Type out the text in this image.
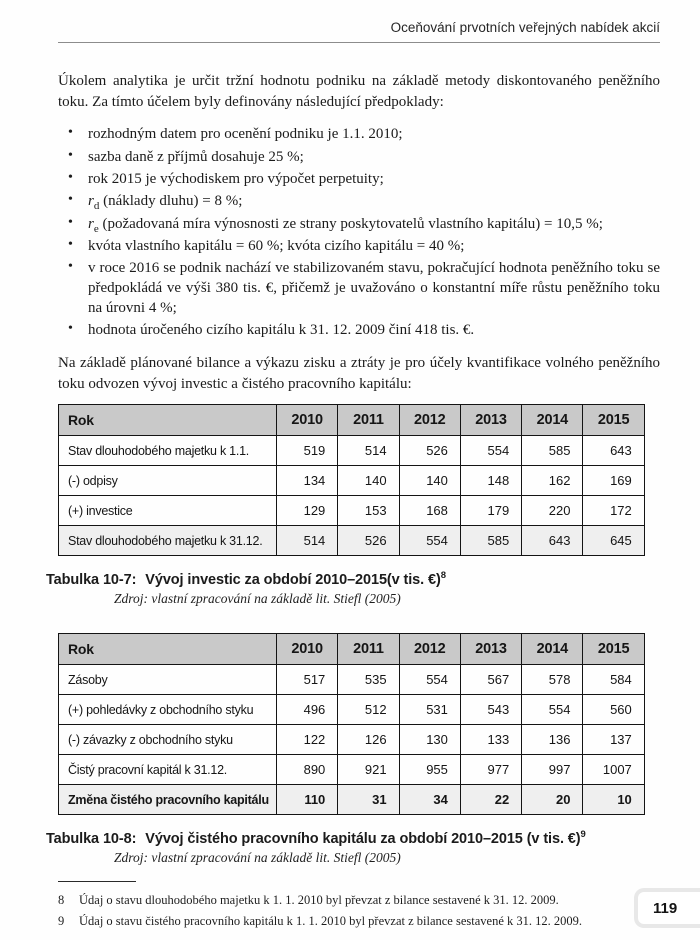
Oceňování prvotních veřejných nabídek akcií

Úkolem analytika je určit tržní hodnotu podniku na základě metody diskontovaného peněžního toku. Za tímto účelem byly definovány následující předpoklady:

• rozhodným datem pro ocenění podniku je 1.1. 2010;
• sazba daně z příjmů dosahuje 25 %;
• rok 2015 je východiskem pro výpočet perpetuity;
• $r_d$ (náklady dluhu) = 8 %;
• $r_e$ (požadovaná míra výnosnosti ze strany poskytovatelů vlastního kapitálu) = 10,5 %;
• kvóta vlastního kapitálu = 60 %; kvóta cizího kapitálu = 40 %;
• v roce 2016 se podnik nachází ve stabilizovaném stavu, pokračující hodnota peněžního toku se předpokládá ve výši 380 tis. €, přičemž je uvažováno o konstantní míře růstu peněžního toku na úrovni 4 %;
• hodnota úročeného cizího kapitálu k 31. 12. 2009 činí 418 tis. €.

Na základě plánované bilance a výkazu zisku a ztráty je pro účely kvantifikace volného peněžního toku odvozen vývoj investic a čistého pracovního kapitálu:

Rok	2010	2011	2012	2013	2014	2015
Stav dlouhodobého majetku k 1.1.	519	514	526	554	585	643
(-) odpisy	134	140	140	148	162	169
(+) investice	129	153	168	179	220	172
Stav dlouhodobého majetku k 31.12.	514	526	554	585	643	645

Tabulka 10-7: Vývoj investic za období 2010–2015(v tis. €)$^8$

Zdroj: vlastní zpracování na základě lit. Stiefl (2005)

Rok	2010	2011	2012	2013	2014	2015
Zásoby	517	535	554	567	578	584
(+) pohledávky z obchodního styku	496	512	531	543	554	560
(-) závazky z obchodního styku	122	126	130	133	136	137
Čistý pracovní kapitál k 31.12.	890	921	955	977	997	1007
Změna čistého pracovního kapitálu	110	31	34	22	20	10

Tabulka 10-8: Vývoj čistého pracovního kapitálu za období 2010–2015 (v tis. €)$^9$

Zdroj: vlastní zpracování na základě lit. Stiefl (2005)

8	Údaj o stavu dlouhodobého majetku k 1. 1. 2010 byl převzat z bilance sestavené k 31. 12. 2009.
9	Údaj o stavu čistého pracovního kapitálu k 1. 1. 2010 byl převzat z bilance sestavené k 31. 12. 2009.
119
